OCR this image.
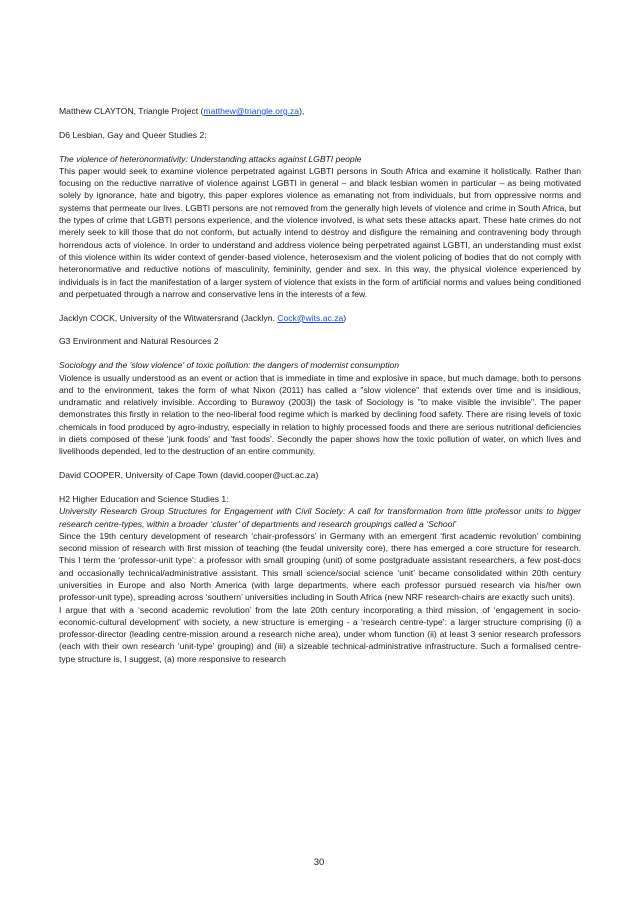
Matthew CLAYTON, Triangle Project (matthew@triangle.org.za),

D6 Lesbian, Gay and Queer Studies 2:

The violence of heteronormativity: Understanding attacks against LGBTI people

This paper would seek to examine violence perpetrated against LGBTI persons in South Africa and examine it holistically. Rather than focusing on the reductive narrative of violence against LGBTI in general – and black lesbian women in particular – as being motivated solely by ignorance, hate and bigotry, this paper explores violence as emanating not from individuals, but from oppressive norms and systems that permeate our lives. LGBTI persons are not removed from the generally high levels of violence and crime in South Africa, but the types of crime that LGBTI persons experience, and the violence involved, is what sets these attacks apart. These hate crimes do not merely seek to kill those that do not conform, but actually intend to destroy and disfigure the remaining and contravening body through horrendous acts of violence. In order to understand and address violence being perpetrated against LGBTI, an understanding must exist of this violence within its wider context of gender-based violence, heterosexism and the violent policing of bodies that do not comply with heteronormative and reductive notions of masculinity, femininity, gender and sex. In this way, the physical violence experienced by individuals is in fact the manifestation of a larger system of violence that exists in the form of artificial norms and values being conditioned and perpetuated through a narrow and conservative lens in the interests of a few.

Jacklyn COCK, University of the Witwatersrand (Jacklyn. Cock@wits.ac.za)

G3 Environment and Natural Resources 2

Sociology and the 'slow violence' of toxic pollution: the dangers of modernist consumption

Violence is usually understood as an event or action that is immediate in time and explosive in space, but much damage, both to persons and to the environment, takes the form of what Nixon (2011) has called a "slow violence" that extends over time and is insidious, undramatic and relatively invisible. According to Burawoy (2003|) the task of Sociology is "to make visible the invisible". The paper demonstrates this firstly in relation to the neo-liberal food regime which is marked by declining food safety. There are rising levels of toxic chemicals in food produced by agro-industry, especially in relation to highly processed foods and there are serious nutritional deficiencies in diets composed of these 'junk foods' and 'fast foods'. Secondly the paper shows how the toxic pollution of water, on which lives and livelihoods depended, led to the destruction of an entire community.

David COOPER, University of Cape Town (david.cooper@uct.ac.za)

H2 Higher Education and Science Studies 1:

University Research Group Structures for Engagement with Civil Society: A call for transformation from little professor units to bigger research centre-types, within a broader ‘cluster’ of departments and research groupings called a ‘School’

Since the 19th century development of research ‘chair-professors’ in Germany with an emergent ‘first academic revolution’ combining second mission of research with first mission of teaching (the feudal university core), there has emerged a core structure for research. This I term the ‘professor-unit type’: a professor with small grouping (unit) of some postgraduate assistant researchers, a few post-docs and occasionally technical/administrative assistant. This small science/social science ‘unit’ became consolidated within 20th century universities in Europe and also North America (with large departments, where each professor pursued research via his/her own professor-unit type), spreading across ‘southern’ universities including in South Africa (new NRF research-chairs are exactly such units).

I argue that with a ‘second academic revolution’ from the late 20th century incorporating a third mission, of ‘engagement in socio-economic-cultural development’ with society, a new structure is emerging - a ‘research centre-type’: a larger structure comprising (i) a professor-director (leading centre-mission around a research niche area), under whom function (ii) at least 3 senior research professors (each with their own research ‘unit-type’ grouping) and (iii) a sizeable technical-administrative infrastructure. Such a formalised centre-type structure is, I suggest, (a) more responsive to research

30
